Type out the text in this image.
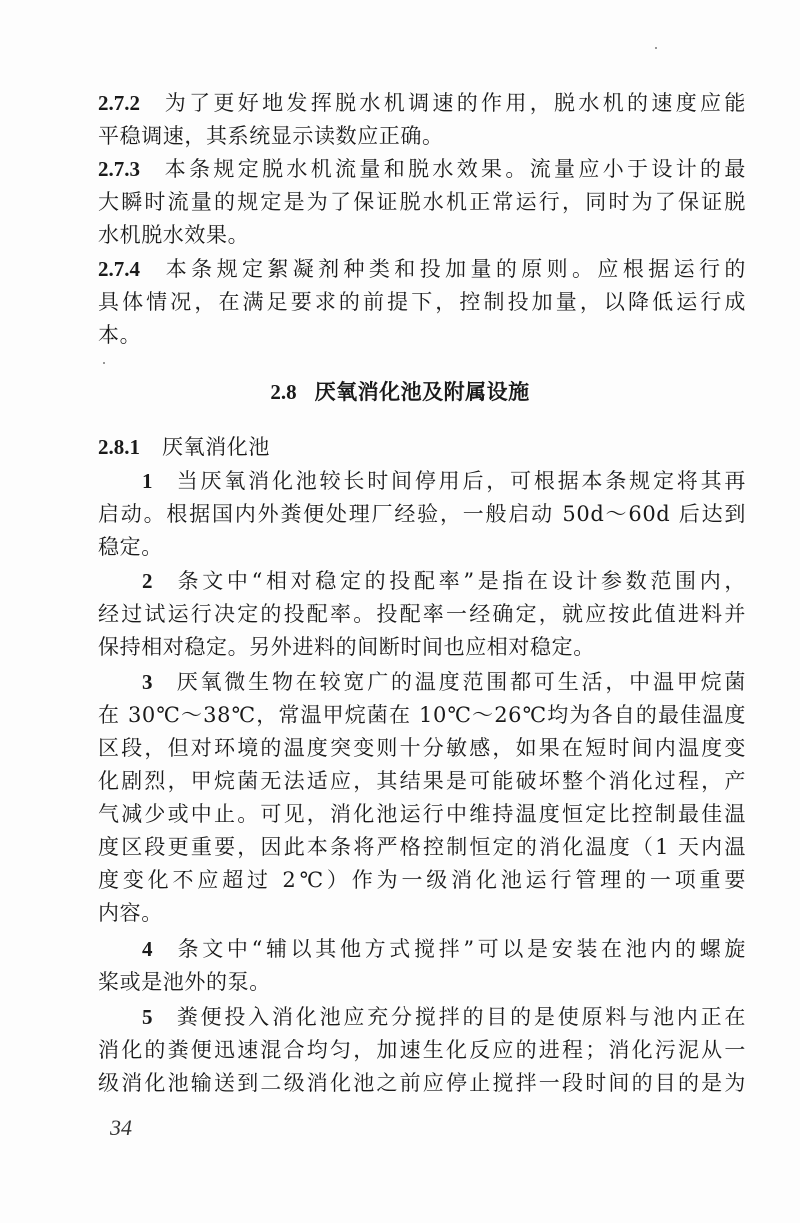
2.7.2 为了更好地发挥脱水机调速的作用，脱水机的速度应能
平稳调速，其系统显示读数应正确。
2.7.3 本条规定脱水机流量和脱水效果。流量应小于设计的最
大瞬时流量的规定是为了保证脱水机正常运行，同时为了保证脱
水机脱水效果。
2.7.4 本条规定絮凝剂种类和投加量的原则。应根据运行的
具体情况，在满足要求的前提下，控制投加量，以降低运行成
本。
2.8 厌氧消化池及附属设施
2.8.1 厌氧消化池
1 当厌氧消化池较长时间停用后，可根据本条规定将其再
启动。根据国内外粪便处理厂经验，一般启动 50d～60d 后达到
稳定。
2 条文中“相对稳定的投配率”是指在设计参数范围内，
经过试运行决定的投配率。投配率一经确定，就应按此值进料并
保持相对稳定。另外进料的间断时间也应相对稳定。
3 厌氧微生物在较宽广的温度范围都可生活，中温甲烷菌
在 30℃～38℃，常温甲烷菌在 10℃～26℃均为各自的最佳温度
区段，但对环境的温度突变则十分敏感，如果在短时间内温度变
化剧烈，甲烷菌无法适应，其结果是可能破坏整个消化过程，产
气减少或中止。可见，消化池运行中维持温度恒定比控制最佳温
度区段更重要，因此本条将严格控制恒定的消化温度（1 天内温
度变化不应超过 2℃）作为一级消化池运行管理的一项重要
内容。
4 条文中“辅以其他方式搅拌”可以是安装在池内的螺旋
桨或是池外的泵。
5 粪便投入消化池应充分搅拌的目的是使原料与池内正在
消化的粪便迅速混合均匀，加速生化反应的进程；消化污泥从一
级消化池输送到二级消化池之前应停止搅拌一段时间的目的是为
34
